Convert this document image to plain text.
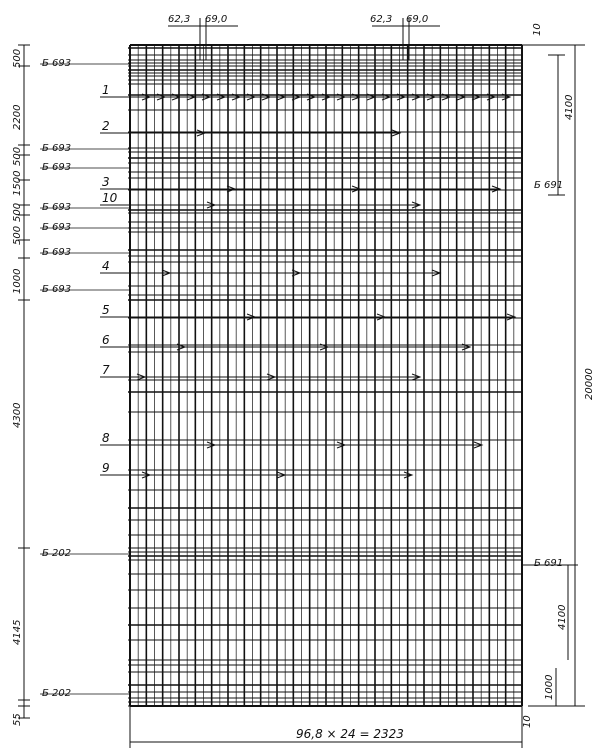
62,3 69,0	62,3 69,0
10
4100
20000
4100
1000
Б 691
Б 691
500
2200
500
1500
500
500
1000
4300
4145
55
Б 693
Б 693
Б 693
Б 693
Б 693
Б 693
Б 693
Б 202
Б 202
1
2
3
10
4
5
6
7
8
9
96,8 × 24 = 2323
10
